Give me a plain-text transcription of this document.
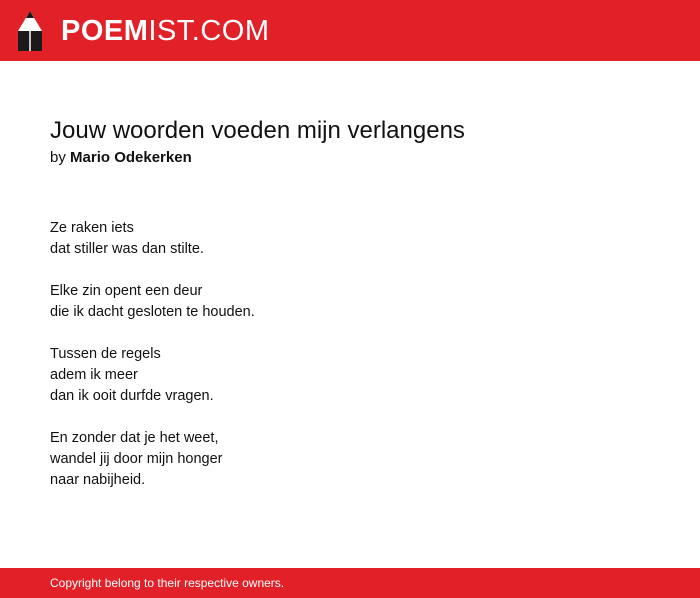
POEMIST.COM
Jouw woorden voeden mijn verlangens
by Mario Odekerken

Ze raken iets
dat stiller was dan stilte.

Elke zin opent een deur
die ik dacht gesloten te houden.

Tussen de regels
adem ik meer
dan ik ooit durfde vragen.

En zonder dat je het weet,
wandel jij door mijn honger
naar nabijheid.

Copyright belong to their respective owners.
